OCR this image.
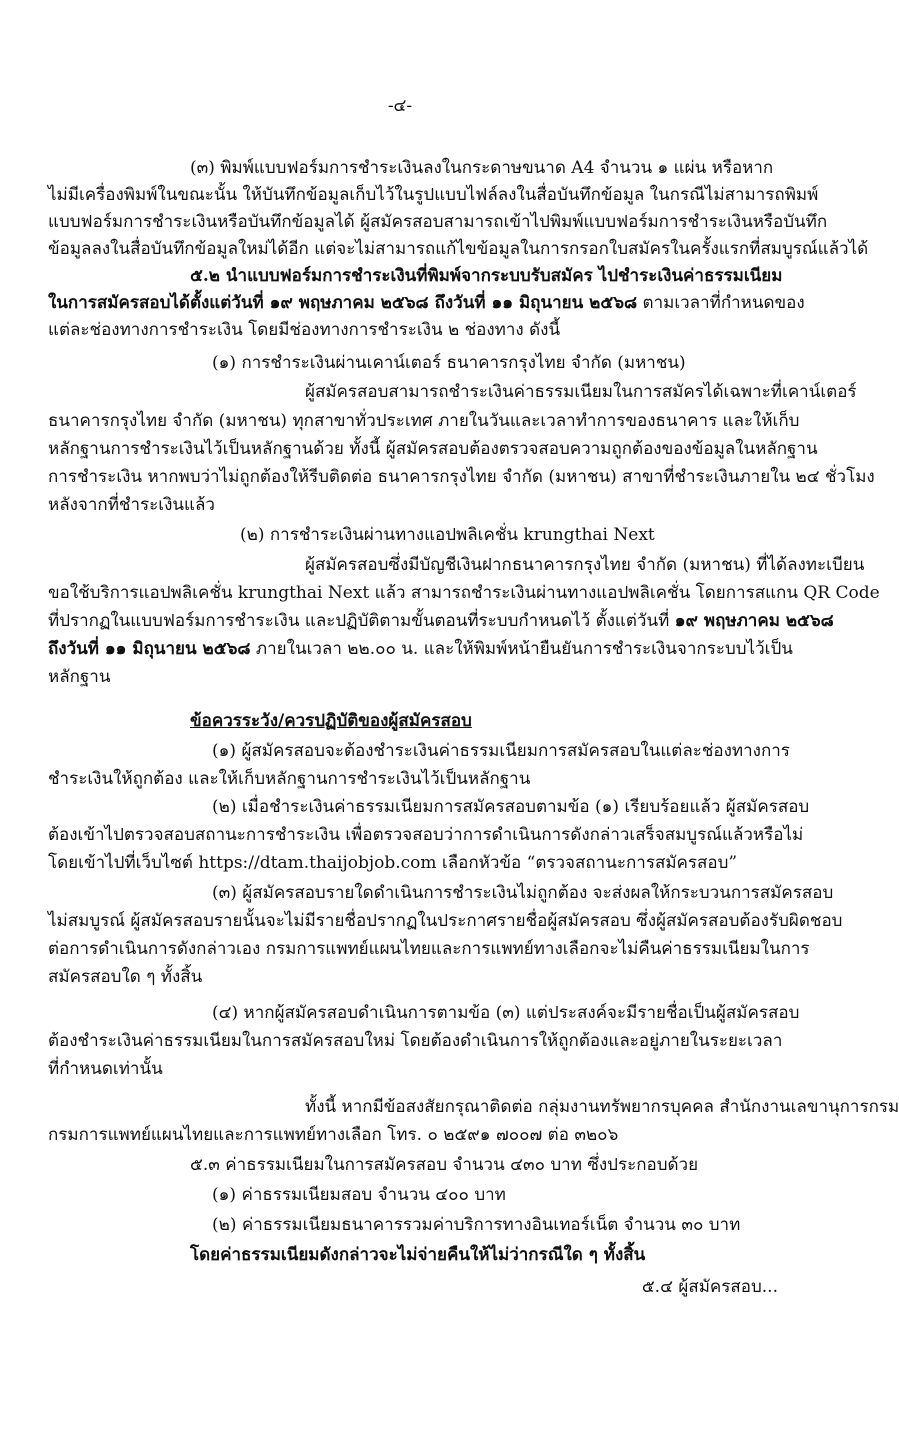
-๔-
(๓) พิมพ์แบบฟอร์มการชำระเงินลงในกระดาษขนาด A4 จำนวน ๑ แผ่น หรือหาก
ไม่มีเครื่องพิมพ์ในขณะนั้น ให้บันทึกข้อมูลเก็บไว้ในรูปแบบไฟล์ลงในสื่อบันทึกข้อมูล ในกรณีไม่สามารถพิมพ์
แบบฟอร์มการชำระเงินหรือบันทึกข้อมูลได้ ผู้สมัครสอบสามารถเข้าไปพิมพ์แบบฟอร์มการชำระเงินหรือบันทึก
ข้อมูลลงในสื่อบันทึกข้อมูลใหม่ได้อีก แต่จะไม่สามารถแก้ไขข้อมูลในการกรอกใบสมัครในครั้งแรกที่สมบูรณ์แล้วได้
๕.๒ นำแบบฟอร์มการชำระเงินที่พิมพ์จากระบบรับสมัคร ไปชำระเงินค่าธรรมเนียม
ในการสมัครสอบได้ตั้งแต่วันที่ ๑๙ พฤษภาคม ๒๕๖๘ ถึงวันที่ ๑๑ มิถุนายน ๒๕๖๘ ตามเวลาที่กำหนดของ
แต่ละช่องทางการชำระเงิน โดยมีช่องทางการชำระเงิน ๒ ช่องทาง ดังนี้
(๑) การชำระเงินผ่านเคาน์เตอร์ ธนาคารกรุงไทย จำกัด (มหาชน)
ผู้สมัครสอบสามารถชำระเงินค่าธรรมเนียมในการสมัครได้เฉพาะที่เคาน์เตอร์
ธนาคารกรุงไทย จำกัด (มหาชน) ทุกสาขาทั่วประเทศ ภายในวันและเวลาทำการของธนาคาร และให้เก็บ
หลักฐานการชำระเงินไว้เป็นหลักฐานด้วย ทั้งนี้ ผู้สมัครสอบต้องตรวจสอบความถูกต้องของข้อมูลในหลักฐาน
การชำระเงิน หากพบว่าไม่ถูกต้องให้รีบติดต่อ ธนาคารกรุงไทย จำกัด (มหาชน) สาขาที่ชำระเงินภายใน ๒๔ ชั่วโมง
หลังจากที่ชำระเงินแล้ว
(๒) การชำระเงินผ่านทางแอปพลิเคชั่น krungthai Next
ผู้สมัครสอบซึ่งมีบัญชีเงินฝากธนาคารกรุงไทย จำกัด (มหาชน) ที่ได้ลงทะเบียน
ขอใช้บริการแอปพลิเคชั่น krungthai Next แล้ว สามารถชำระเงินผ่านทางแอปพลิเคชั่น โดยการสแกน QR Code
ที่ปรากฏในแบบฟอร์มการชำระเงิน และปฏิบัติตามขั้นตอนที่ระบบกำหนดไว้ ตั้งแต่วันที่ ๑๙ พฤษภาคม ๒๕๖๘
ถึงวันที่ ๑๑ มิถุนายน ๒๕๖๘ ภายในเวลา ๒๒.๐๐ น. และให้พิมพ์หน้ายืนยันการชำระเงินจากระบบไว้เป็น
หลักฐาน
ข้อควรระวัง/ควรปฏิบัติของผู้สมัครสอบ
(๑) ผู้สมัครสอบจะต้องชำระเงินค่าธรรมเนียมการสมัครสอบในแต่ละช่องทางการ
ชำระเงินให้ถูกต้อง และให้เก็บหลักฐานการชำระเงินไว้เป็นหลักฐาน
(๒) เมื่อชำระเงินค่าธรรมเนียมการสมัครสอบตามข้อ (๑) เรียบร้อยแล้ว ผู้สมัครสอบ
ต้องเข้าไปตรวจสอบสถานะการชำระเงิน เพื่อตรวจสอบว่าการดำเนินการดังกล่าวเสร็จสมบูรณ์แล้วหรือไม่
โดยเข้าไปที่เว็บไซต์ https://dtam.thaijobjob.com เลือกหัวข้อ “ตรวจสถานะการสมัครสอบ”
(๓) ผู้สมัครสอบรายใดดำเนินการชำระเงินไม่ถูกต้อง จะส่งผลให้กระบวนการสมัครสอบ
ไม่สมบูรณ์ ผู้สมัครสอบรายนั้นจะไม่มีรายชื่อปรากฏในประกาศรายชื่อผู้สมัครสอบ ซึ่งผู้สมัครสอบต้องรับผิดชอบ
ต่อการดำเนินการดังกล่าวเอง กรมการแพทย์แผนไทยและการแพทย์ทางเลือกจะไม่คืนค่าธรรมเนียมในการ
สมัครสอบใด ๆ ทั้งสิ้น
(๔) หากผู้สมัครสอบดำเนินการตามข้อ (๓) แต่ประสงค์จะมีรายชื่อเป็นผู้สมัครสอบ
ต้องชำระเงินค่าธรรมเนียมในการสมัครสอบใหม่ โดยต้องดำเนินการให้ถูกต้องและอยู่ภายในระยะเวลา
ที่กำหนดเท่านั้น
ทั้งนี้ หากมีข้อสงสัยกรุณาติดต่อ กลุ่มงานทรัพยากรบุคคล สำนักงานเลขานุการกรม
กรมการแพทย์แผนไทยและการแพทย์ทางเลือก โทร. ๐ ๒๕๙๑ ๗๐๐๗ ต่อ ๓๒๐๖
๕.๓ ค่าธรรมเนียมในการสมัครสอบ จำนวน ๔๓๐ บาท ซึ่งประกอบด้วย
(๑) ค่าธรรมเนียมสอบ จำนวน ๔๐๐ บาท
(๒) ค่าธรรมเนียมธนาคารรวมค่าบริการทางอินเทอร์เน็ต จำนวน ๓๐ บาท
โดยค่าธรรมเนียมดังกล่าวจะไม่จ่ายคืนให้ไม่ว่ากรณีใด ๆ ทั้งสิ้น
๕.๔ ผู้สมัครสอบ...
